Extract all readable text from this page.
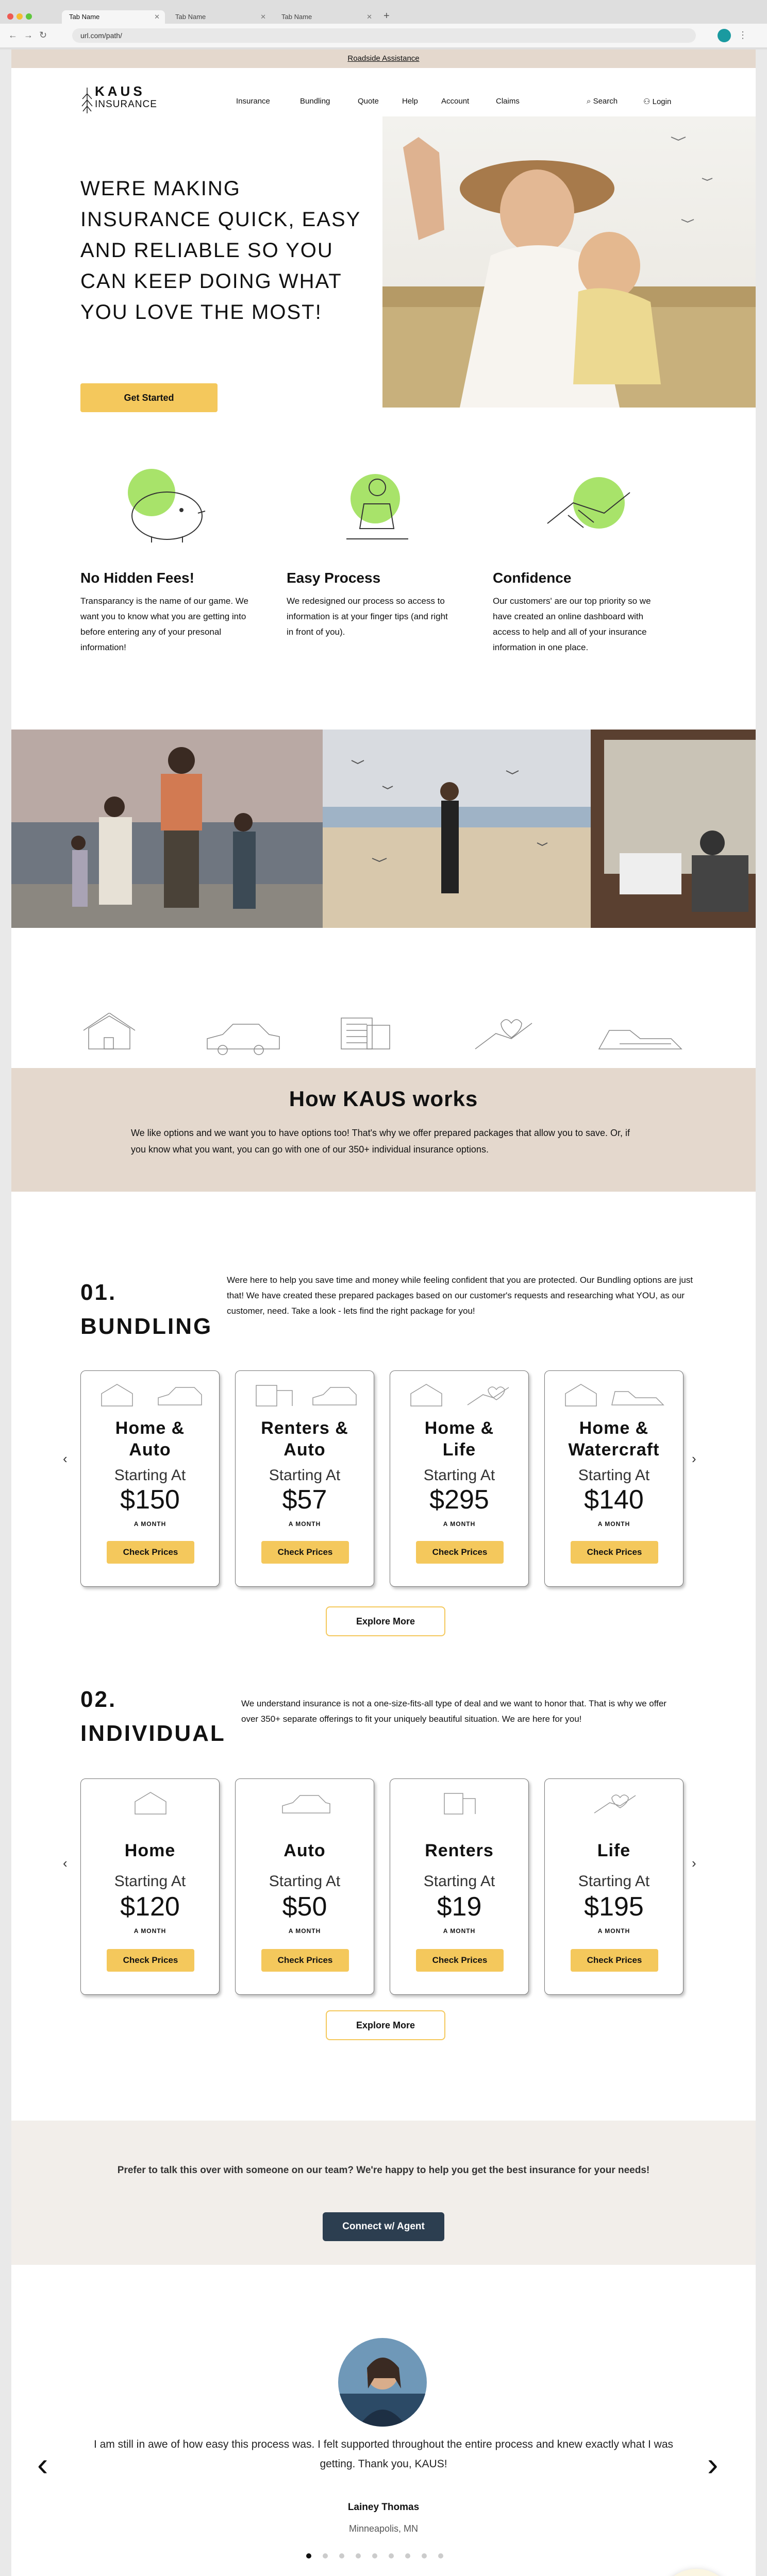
Tab Name	✕	Tab Name	✕	Tab Name	✕ +
← → ↻	url.com/path/	⋮
Roadside Assistance
KAUS
INSURANCE	Insurance	Bundling	Quote	Help	Account	Claims	⌕ Search	⚇ Login
WERE MAKING
INSURANCE QUICK, EASY
AND RELIABLE SO YOU
CAN KEEP DOING WHAT
YOU LOVE THE MOST!
Get Started
No Hidden Fees!

Transparancy is the name of our game. We want you to know what you are getting into before entering any of your presonal information!

Easy Process

We redesigned our process so access to information is at your finger tips (and right in front of you).

Confidence

Our customers' are our top priority so we have created an online dashboard with access to help and all of your insurance information in one place.

How KAUS works

We like options and we want you to have options too! That's why we offer prepared packages that allow you to save. Or, if you know what you want, you can go with one of our 350+ individual insurance options.

01.
BUNDLING

Were here to help you save time and money while feeling confident that you are protected. Our Bundling options are just that! We have created these prepared packages based on our customer's requests and researching what YOU, as our customer, need. Take a look - lets find the right package for you!

‹	›
Home &
Auto
Starting At
$150
A MONTH
Check Prices
Renters &
Auto
Starting At
$57
A MONTH
Check Prices
Home &
Life
Starting At
$295
A MONTH
Check Prices
Home &
Watercraft
Starting At
$140
A MONTH
Check Prices
Explore More
02.
INDIVIDUAL

We understand insurance is not a one-size-fits-all type of deal and we want to honor that. That is why we offer over 350+ separate offerings to fit your uniquely beautiful situation. We are here for you!

‹	›
Home
Starting At
$120
A MONTH
Check Prices
Auto
Starting At
$50
A MONTH
Check Prices
Renters
Starting At
$19
A MONTH
Check Prices
Life
Starting At
$195
A MONTH
Check Prices
Explore More

Prefer to talk this over with someone on our team? We're happy to help you get the best insurance for your needs!

Connect w/ Agent
‹	›

I am still in awe of how easy this process was. I felt supported throughout the entire process and knew exactly what I was getting. Thank you, KAUS!

Lainey Thomas
Minneapolis, MN
